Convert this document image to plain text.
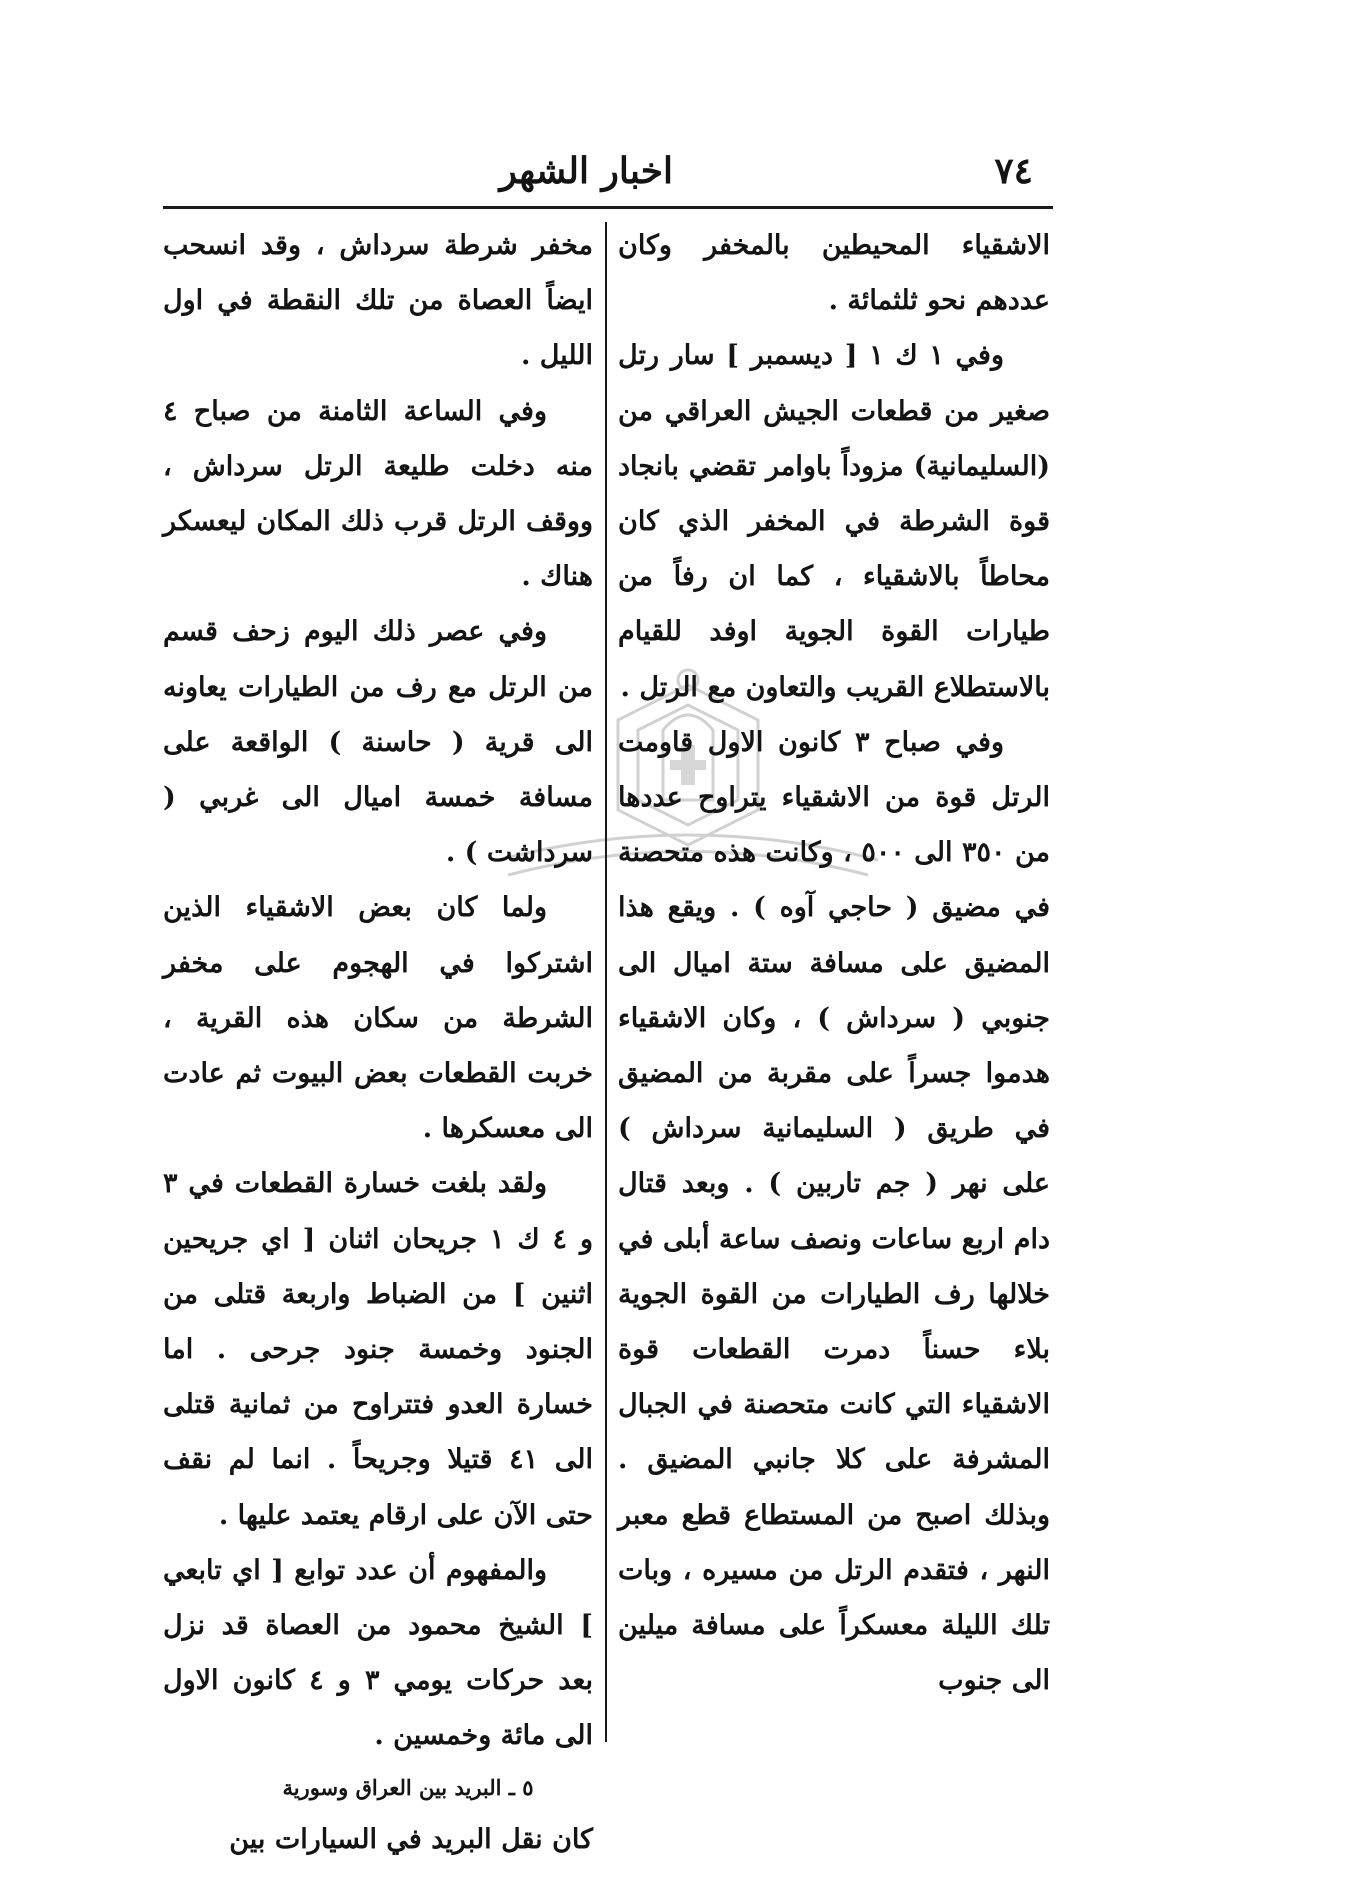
٧٤
اخبار الشهر

الاشقياء المحيطين بالمخفر وكان عددهم نحو ثلثمائة .

وفي ١ ك ١ [ ديسمبر ] سار رتل صغير من قطعات الجيش العراقي من (السليمانية) مزوداً باوامر تقضي بانجاد قوة الشرطة في المخفر الذي كان محاطاً بالاشقياء ، كما ان رفاً من طيارات القوة الجوية اوفد للقيام بالاستطلاع القريب والتعاون مع الرتل .

وفي صباح ٣ كانون الاول قاومت الرتل قوة من الاشقياء يتراوح عددها من ٣٥٠ الى ٥٠٠ ، وكانت هذه متحصنة في مضيق ( حاجي آوه ) . ويقع هذا المضيق على مسافة ستة اميال الى جنوبي ( سرداش ) ، وكان الاشقياء هدموا جسراً على مقربة من المضيق في طريق ( السليمانية سرداش ) على نهر ( جم تاربين ) . وبعد قتال دام اربع ساعات ونصف ساعة أبلى في خلالها رف الطيارات من القوة الجوية بلاء حسناً دمرت القطعات قوة الاشقياء التي كانت متحصنة في الجبال المشرفة على كلا جانبي المضيق . وبذلك اصبح من المستطاع قطع معبر النهر ، فتقدم الرتل من مسيره ، وبات تلك الليلة معسكراً على مسافة ميلين الى جنوب

مخفر شرطة سرداش ، وقد انسحب ايضاً العصاة من تلك النقطة في اول الليل .

وفي الساعة الثامنة من صباح ٤ منه دخلت طليعة الرتل سرداش ، ووقف الرتل قرب ذلك المكان ليعسكر هناك .

وفي عصر ذلك اليوم زحف قسم من الرتل مع رف من الطيارات يعاونه الى قرية ( حاسنة ) الواقعة على مسافة خمسة اميال الى غربي ( سرداشت ) .

ولما كان بعض الاشقياء الذين اشتركوا في الهجوم على مخفر الشرطة من سكان هذه القرية ، خربت القطعات بعض البيوت ثم عادت الى معسكرها .

ولقد بلغت خسارة القطعات في ٣ و ٤ ك ١ جريحان اثنان [ اي جريحين اثنين ] من الضباط واربعة قتلى من الجنود وخمسة جنود جرحى . اما خسارة العدو فتتراوح من ثمانية قتلى الى ٤١ قتيلا وجريحاً . انما لم نقف حتى الآن على ارقام يعتمد عليها .

والمفهوم أن عدد توابع [ اي تابعي ] الشيخ محمود من العصاة قد نزل بعد حركات يومي ٣ و ٤ كانون الاول الى مائة وخمسين .

٥ ـ البريد بين العراق وسورية

كان نقل البريد في السيارات بين
